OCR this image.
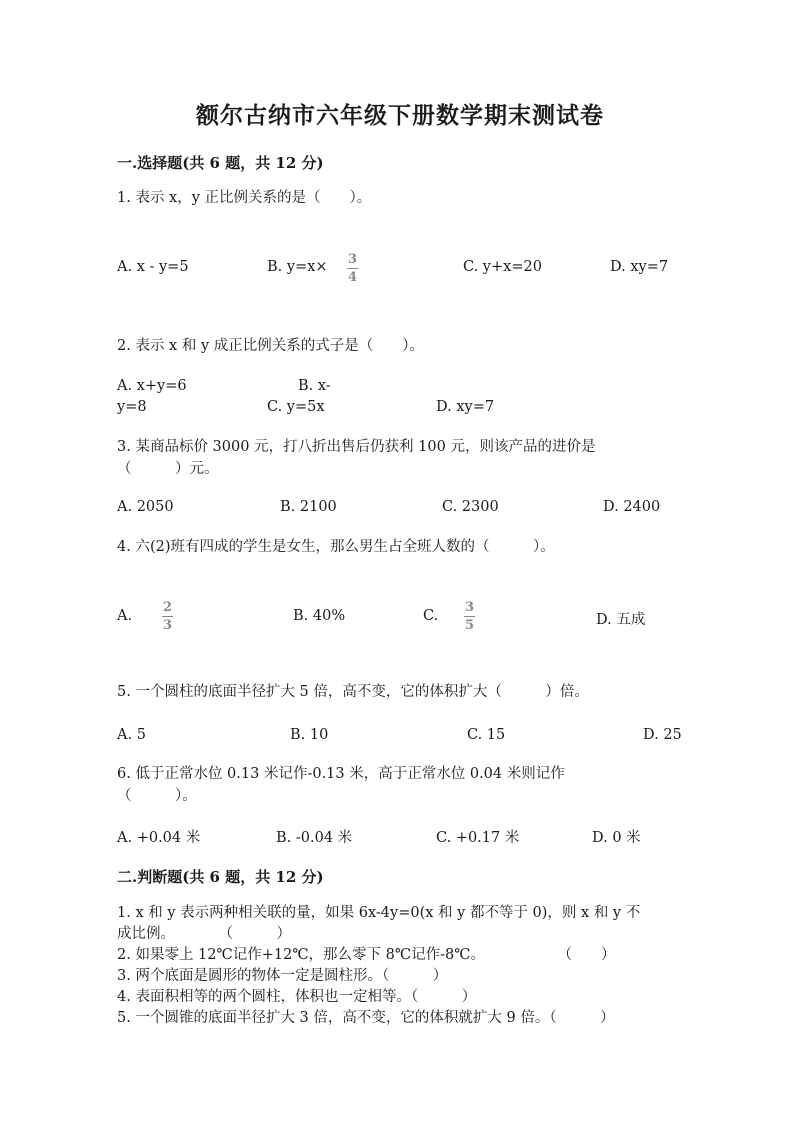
额尔古纳市六年级下册数学期末测试卷
一.选择题(共 6 题，共 12 分)
1. 表示 x，y 正比例关系的是（　　）。
A. x - y=5	B. y=x× 3
4
C. y+x=20	D. xy=7
2. 表示 x 和 y 成正比例关系的式子是（　　）。
A. x+y=6	B. x-
y=8	C. y=5x	D. xy=7
3. 某商品标价 3000 元，打八折出售后仍获利 100 元，则该产品的进价是
（　　　）元。
A. 2050	B. 2100	C. 2300	D. 2400
4. 六(2)班有四成的学生是女生，那么男生占全班人数的（　　　）。
A.
2
3
B. 40%	C.
3
5	D. 五成
5. 一个圆柱的底面半径扩大 5 倍，高不变，它的体积扩大（　　　）倍。
A. 5	B. 10	C. 15	D. 25
6. 低于正常水位 0.13 米记作-0.13 米，高于正常水位 0.04 米则记作
（　　　）。
A. +0.04 米	B. -0.04 米	C. +0.17 米	D. 0 米
二.判断题(共 6 题，共 12 分)
1. x 和 y 表示两种相关联的量，如果 6x-4y=0(x 和 y 都不等于 0)，则 x 和 y 不
成比例。　　　　（　　　）
2. 如果零上 12℃记作+12℃，那么零下 8℃记作-8℃。　　　　　　（　　）
3. 两个底面是圆形的物体一定是圆柱形。（　　　）
4. 表面积相等的两个圆柱，体积也一定相等。（　　　）
5. 一个圆锥的底面半径扩大 3 倍，高不变，它的体积就扩大 9 倍。（　　　）
